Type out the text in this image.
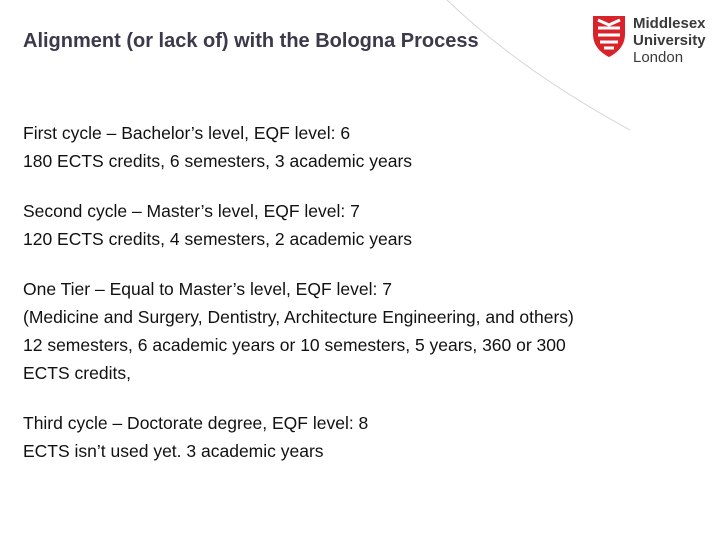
Alignment (or lack of) with the Bologna Process
Middlesex
University
London
First cycle – Bachelor’s level, EQF level: 6
180 ECTS credits, 6 semesters, 3 academic years
Second cycle – Master’s level, EQF level: 7
120 ECTS credits, 4 semesters, 2 academic years
One Tier – Equal to Master’s level, EQF level: 7
(Medicine and Surgery, Dentistry, Architecture Engineering, and others)
12 semesters, 6 academic years or 10 semesters, 5 years, 360 or 300
ECTS credits,
Third cycle – Doctorate degree, EQF level: 8
ECTS isn’t used yet. 3 academic years
